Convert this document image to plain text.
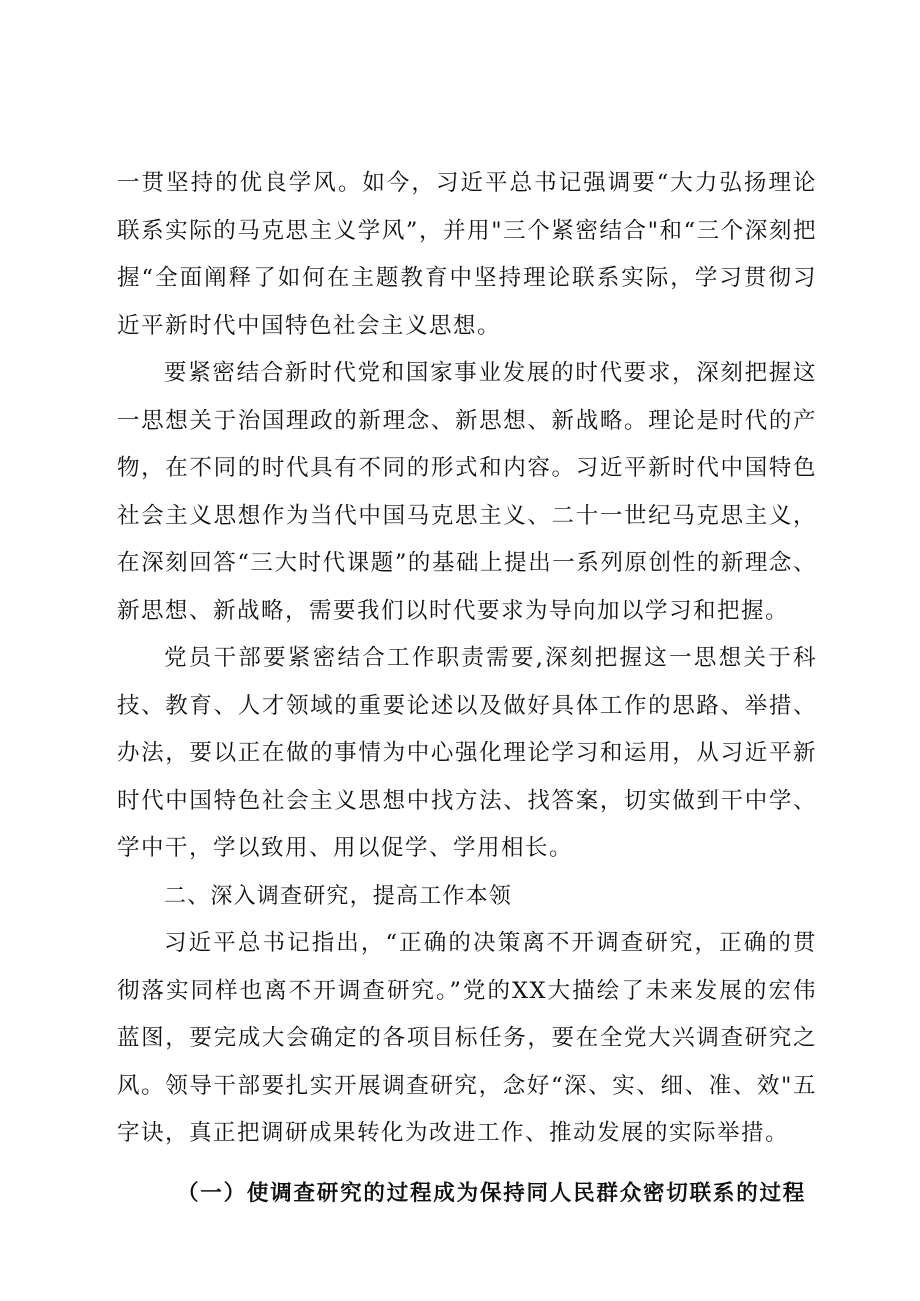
一贯坚持的优良学风。如今，习近平总书记强调要“大力弘扬理论联系实际的马克思主义学风”，并用"三个紧密结合"和“三个深刻把握“全面阐释了如何在主题教育中坚持理论联系实际，学习贯彻习近平新时代中国特色社会主义思想。

要紧密结合新时代党和国家事业发展的时代要求，深刻把握这一思想关于治国理政的新理念、新思想、新战略。理论是时代的产物，在不同的时代具有不同的形式和内容。习近平新时代中国特色社会主义思想作为当代中国马克思主义、二十一世纪马克思主义，在深刻回答“三大时代课题”的基础上提出一系列原创性的新理念、新思想、新战略，需要我们以时代要求为导向加以学习和把握。

党员干部要紧密结合工作职责需要,深刻把握这一思想关于科技、教育、人才领域的重要论述以及做好具体工作的思路、举措、办法，要以正在做的事情为中心强化理论学习和运用，从习近平新时代中国特色社会主义思想中找方法、找答案，切实做到干中学、学中干，学以致用、用以促学、学用相长。

二、深入调查研究，提高工作本领

习近平总书记指出，“正确的决策离不开调查研究，正确的贯彻落实同样也离不开调查研究。”党的XX大描绘了未来发展的宏伟蓝图，要完成大会确定的各项目标任务，要在全党大兴调查研究之风。领导干部要扎实开展调查研究，念好“深、实、细、准、效"五字诀，真正把调研成果转化为改进工作、推动发展的实际举措。

（一）使调查研究的过程成为保持同人民群众密切联系的过程
